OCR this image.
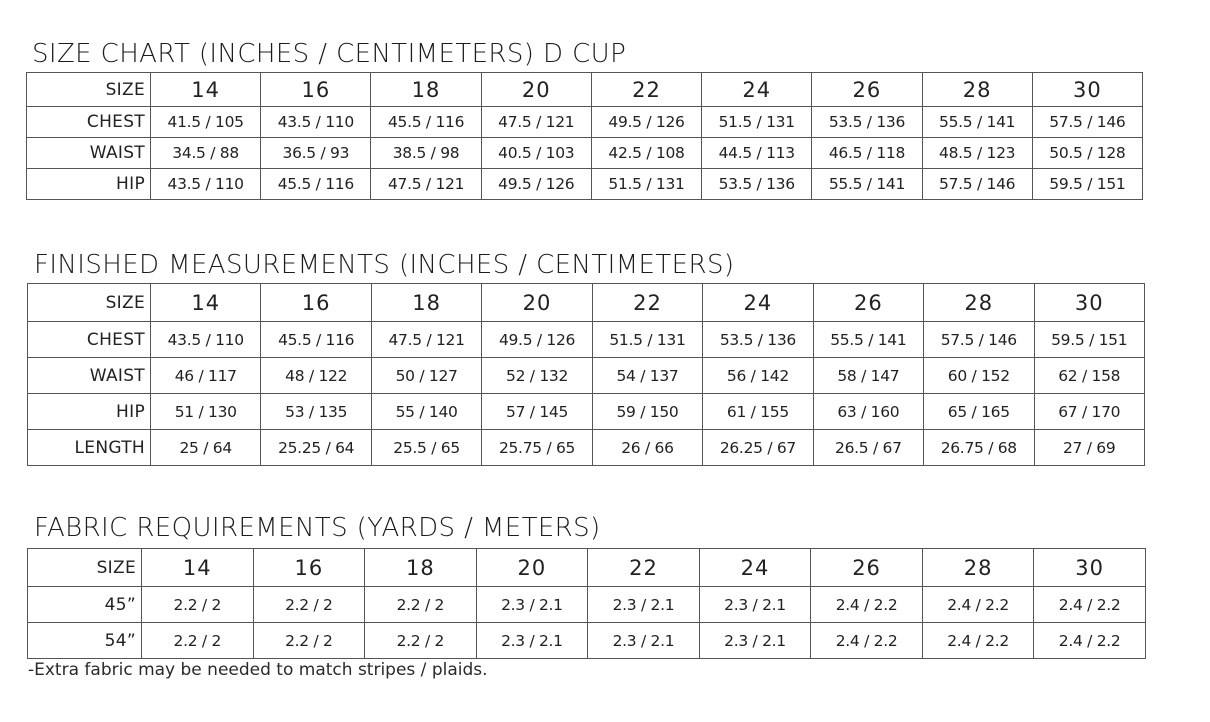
SIZE CHART (INCHES / CENTIMETERS) D CUP
SIZE	14	16	18	20	22	24	26	28	30
CHEST	41.5 / 105	43.5 / 110	45.5 / 116	47.5 / 121	49.5 / 126	51.5 / 131	53.5 / 136	55.5 / 141	57.5 / 146
WAIST	34.5 / 88	36.5 / 93	38.5 / 98	40.5 / 103	42.5 / 108	44.5 / 113	46.5 / 118	48.5 / 123	50.5 / 128
HIP	43.5 / 110	45.5 / 116	47.5 / 121	49.5 / 126	51.5 / 131	53.5 / 136	55.5 / 141	57.5 / 146	59.5 / 151
FINISHED MEASUREMENTS (INCHES / CENTIMETERS)
SIZE	14	16	18	20	22	24	26	28	30
CHEST	43.5 / 110	45.5 / 116	47.5 / 121	49.5 / 126	51.5 / 131	53.5 / 136	55.5 / 141	57.5 / 146	59.5 / 151
WAIST	46 / 117	48 / 122	50 / 127	52 / 132	54 / 137	56 / 142	58 / 147	60 / 152	62 / 158
HIP	51 / 130	53 / 135	55 / 140	57 / 145	59 / 150	61 / 155	63 / 160	65 / 165	67 / 170
LENGTH	25 / 64	25.25 / 64	25.5 / 65	25.75 / 65	26 / 66	26.25 / 67	26.5 / 67	26.75 / 68	27 / 69
FABRIC REQUIREMENTS (YARDS / METERS)
SIZE	14	16	18	20	22	24	26	28	30
45”	2.2 / 2	2.2 / 2	2.2 / 2	2.3 / 2.1	2.3 / 2.1	2.3 / 2.1	2.4 / 2.2	2.4 / 2.2	2.4 / 2.2
54”	2.2 / 2	2.2 / 2	2.2 / 2	2.3 / 2.1	2.3 / 2.1	2.3 / 2.1	2.4 / 2.2	2.4 / 2.2	2.4 / 2.2
-Extra fabric may be needed to match stripes / plaids.
